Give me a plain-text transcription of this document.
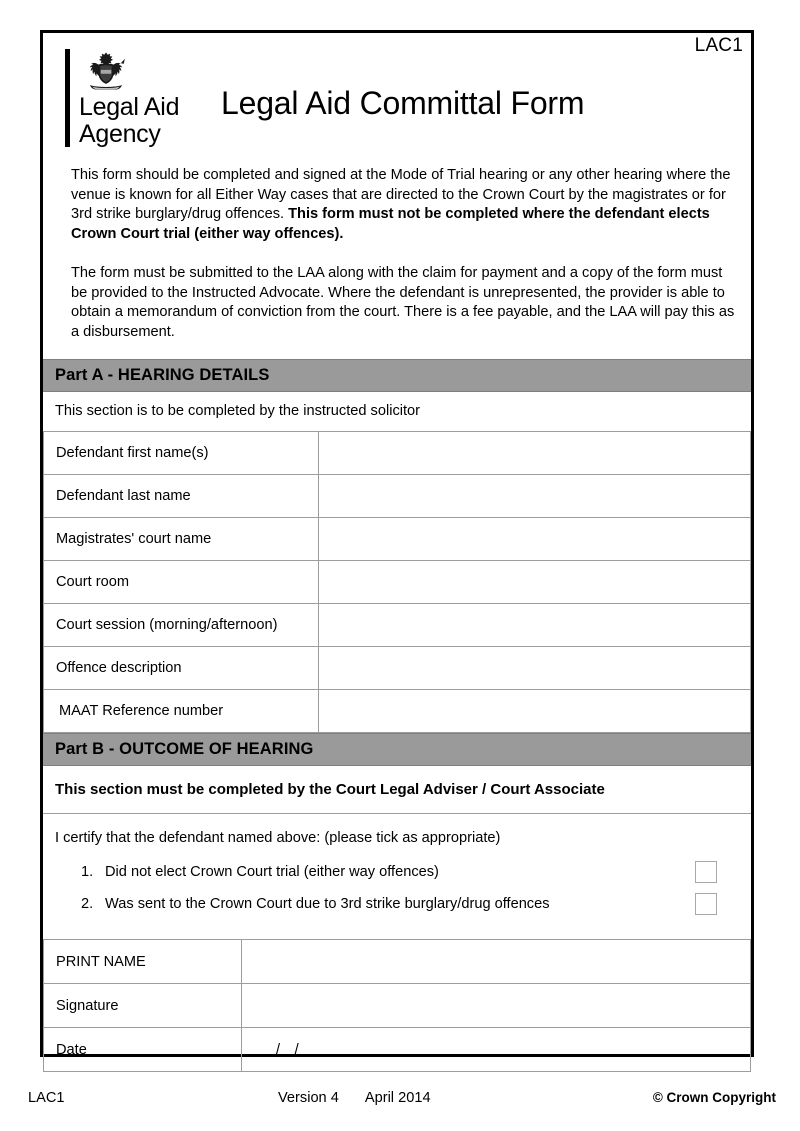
LAC1
Legal Aid
Agency
Legal Aid Committal Form

This form should be completed and signed at the Mode of Trial hearing or any other hearing where the venue is known for all Either Way cases that are directed to the Crown Court by the magistrates or for 3rd strike burglary/drug offences. This form must not be completed where the defendant elects Crown Court trial (either way offences).

The form must be submitted to the LAA along with the claim for payment and a copy of the form must be provided to the Instructed Advocate. Where the defendant is unrepresented, the provider is able to obtain a memorandum of conviction from the court. There is a fee payable, and the LAA will pay this as a disbursement.

Part A - HEARING DETAILS
This section is to be completed by the instructed solicitor
Defendant first name(s)	
Defendant last name	
Magistrates' court name	
Court room	
Court session (morning/afternoon)	
Offence description	
MAAT Reference number	
Part B - OUTCOME OF HEARING
This section must be completed by the Court Legal Adviser / Court Associate
I certify that the defendant named above: (please tick as appropriate)
1. Did not elect Crown Court trial (either way offences)
2. Was sent to the Crown Court due to 3rd strike burglary/drug offences
PRINT NAME	
Signature	
Date	/ /
LAC1	Version 4 April 2014	© Crown Copyright
